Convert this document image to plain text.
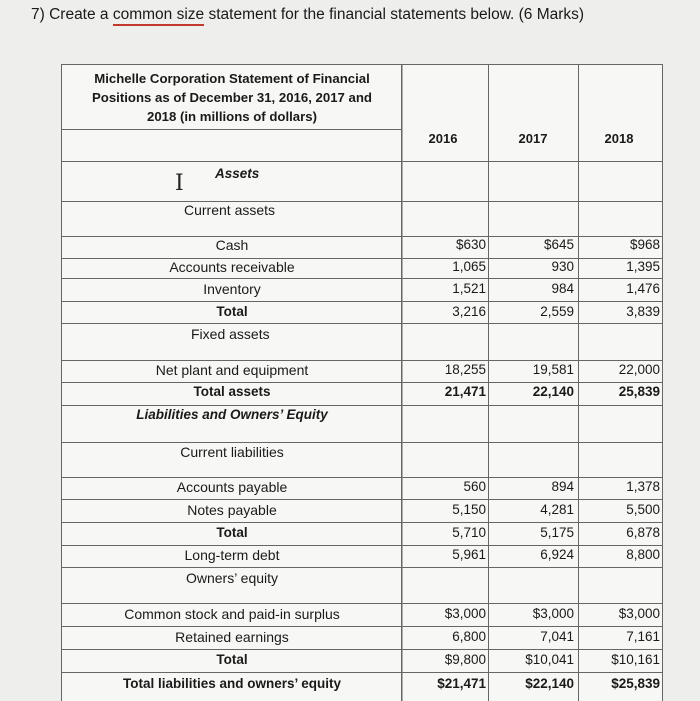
7) Create a common size statement for the financial statements below. (6 Marks)
Michelle Corporation Statement of Financial
Positions as of December 31, 2016, 2017 and
2018 (in millions of dollars)
2016	2017	2018
I Assets
Current assets
Cash	$630	$645	$968
Accounts receivable	1,065	930	1,395
Inventory	1,521	984	1,476
Total	3,216	2,559	3,839
Fixed assets
Net plant and equipment	18,255	19,581	22,000
Total assets	21,471	22,140	25,839
Liabilities and Owners’ Equity
Current liabilities
Accounts payable	560	894	1,378
Notes payable	5,150	4,281	5,500
Total	5,710	5,175	6,878
Long-term debt	5,961	6,924	8,800
Owners’ equity
Common stock and paid-in surplus	$3,000	$3,000	$3,000
Retained earnings	6,800	7,041	7,161
Total	$9,800	$10,041	$10,161
Total liabilities and owners’ equity	$21,471	$22,140	$25,839
